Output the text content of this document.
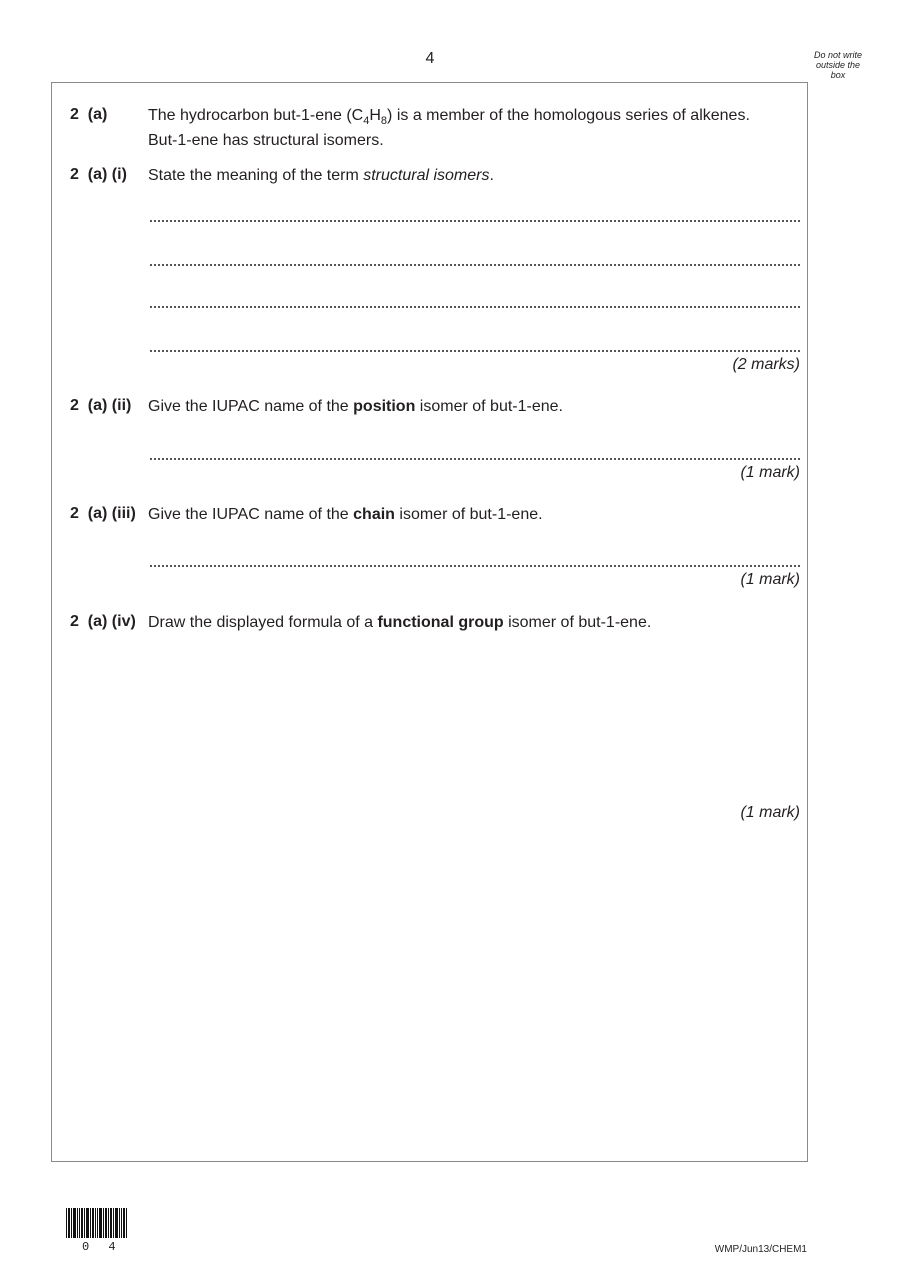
4	Do not write
outside the
box
2  (a)	The hydrocarbon but-1-ene $(C_4H_8)$ is a member of the homologous series of alkenes.
But-1-ene has structural isomers.
2  (a) (i) State the meaning of the term structural isomers.
(2 marks)
2  (a) (ii) Give the IUPAC name of the position isomer of but-1-ene.
(1 mark)
2  (a) (iii) Give the IUPAC name of the chain isomer of but-1-ene.
(1 mark)
2  (a) (iv) Draw the displayed formula of a functional group isomer of but-1-ene.
(1 mark)
0 4	WMP/Jun13/CHEM1
